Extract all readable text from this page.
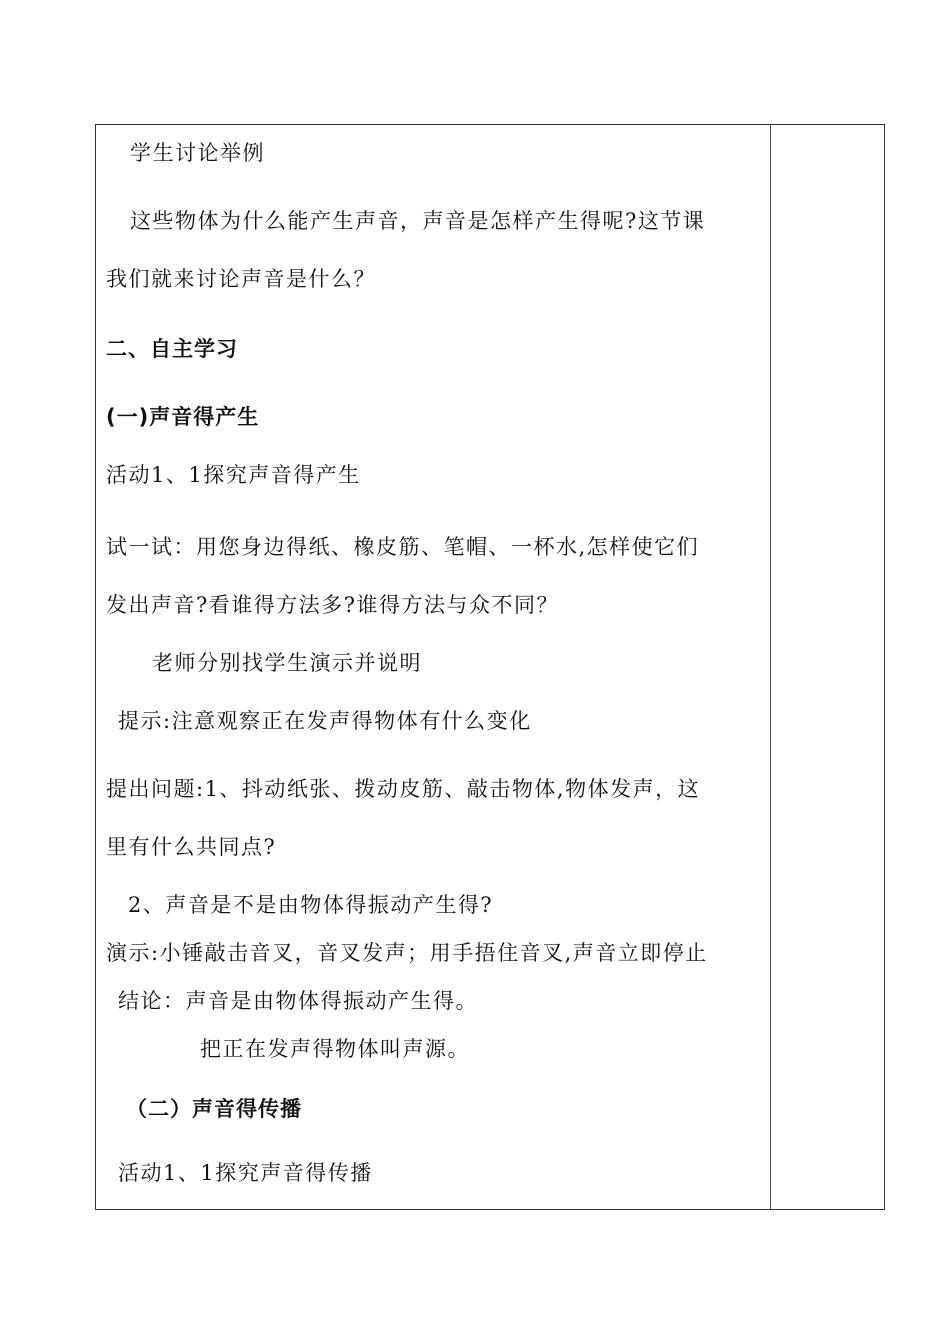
学生讨论举例
这些物体为什么能产生声音，声音是怎样产生得呢?这节课
我们就来讨论声音是什么？
二、自主学习
(一)声音得产生
活动1、1探究声音得产生
试一试：用您身边得纸、橡皮筋、笔帽、一杯水,怎样使它们
发出声音?看谁得方法多?谁得方法与众不同？
老师分别找学生演示并说明
提示:注意观察正在发声得物体有什么变化
提出问题:1、抖动纸张、拨动皮筋、敲击物体,物体发声，这
里有什么共同点?
2、声音是不是由物体得振动产生得?
演示:小锤敲击音叉，音叉发声；用手捂住音叉,声音立即停止
结论：声音是由物体得振动产生得。
把正在发声得物体叫声源。
（二）声音得传播
活动1、1探究声音得传播
